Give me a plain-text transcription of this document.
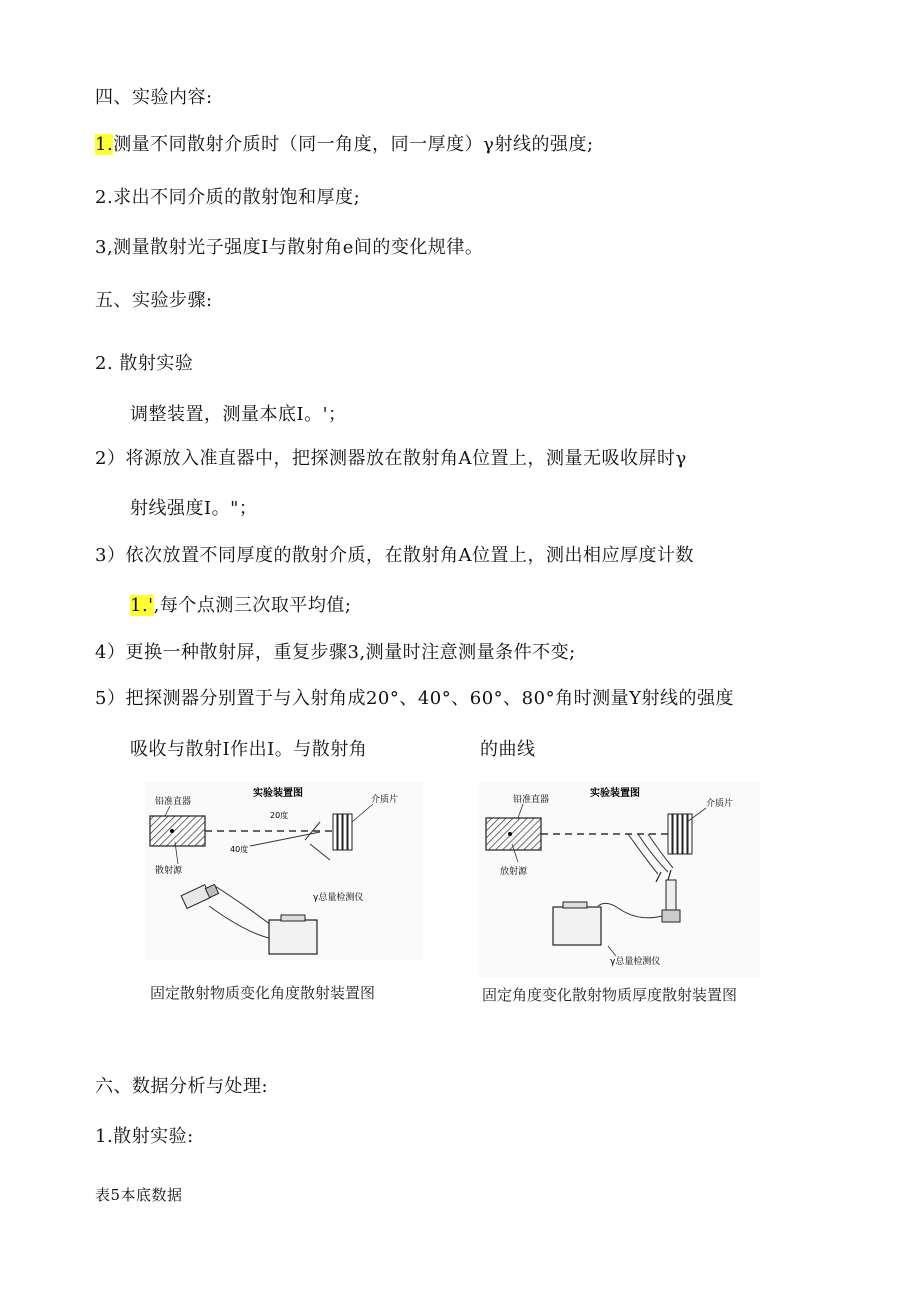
四、实验内容:
1.测量不同散射介质时（同一角度，同一厚度）γ射线的强度;
2.求出不同介质的散射饱和厚度;
3,测量散射光子强度I与散射角e间的变化规律。
五、实验步骤:
2. 散射实验
调整装置，测量本底I。'；
2）将源放入准直器中，把探测器放在散射角A位置上，测量无吸收屏时γ
射线强度I。"；
3）依次放置不同厚度的散射介质，在散射角A位置上，测出相应厚度计数
1.',每个点测三次取平均值;
4）更换一种散射屏，重复步骤3,测量时注意测量条件不变;
5）把探测器分别置于与入射角成20°、40°、60°、80°角时测量Y射线的强度
吸收与散射I作出I。与散射角	的曲线
实验装置图
铅准直器
20度
40度
介质片
散射源
γ总量检测仪
固定散射物质变化角度散射装置图
实验装置图
铅准直器	介质片
放射源
γ总量检测仪
固定角度变化散射物质厚度散射装置图
六、数据分析与处理:
1.散射实验:
表5本底数据
